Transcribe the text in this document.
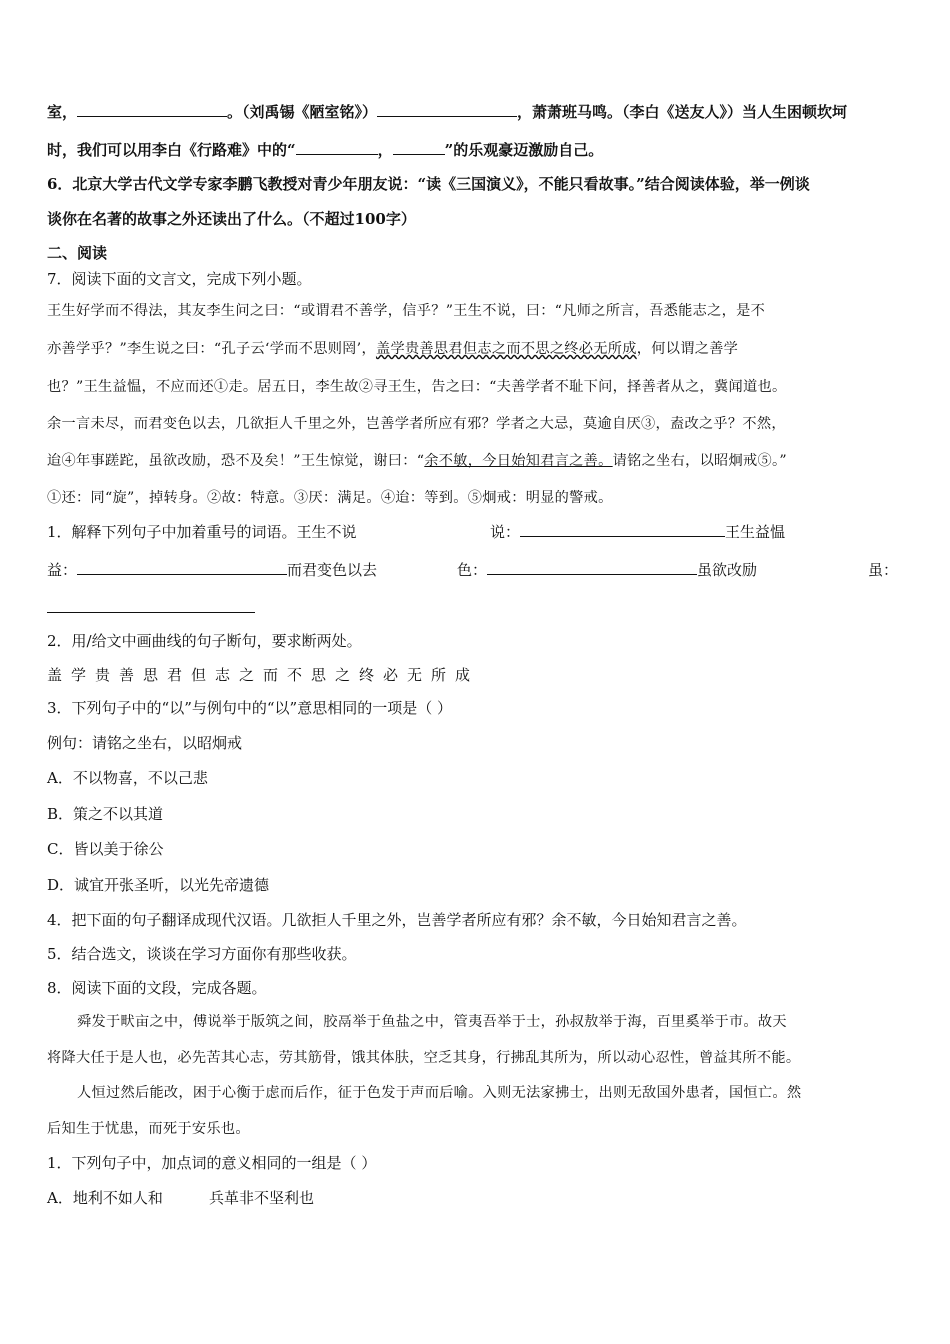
室，	。（刘禹锡《陋室铭》）	，萧萧班马鸣。（李白《送友人》）当人生困顿坎坷
时，我们可以用李白《行路难》中的“	，	”的乐观豪迈激励自己。
6．北京大学古代文学专家李鹏飞教授对青少年朋友说：“读《三国演义》，不能只看故事。”结合阅读体验，举一例谈
谈你在名著的故事之外还读出了什么。（不超过100字）
二、阅读
7．阅读下面的文言文，完成下列小题。
王生好学而不得法，其友李生问之曰：“或谓君不善学，信乎？”王生不说，曰：“凡师之所言，吾悉能志之，是不
亦善学乎？”李生说之曰：“孔子云‘学而不思则罔’，盖学贵善思君但志之而不思之终必无所成，何以谓之善学
也？”王生益愠，不应而还①走。居五日，李生故②寻王生，告之曰：“夫善学者不耻下问，择善者从之，冀闻道也。
余一言未尽，而君变色以去，几欲拒人千里之外，岂善学者所应有邪？学者之大忌，莫逾自厌③，盍改之乎？不然，
迨④年事蹉跎，虽欲改励，恐不及矣！”王生惊觉，谢曰：“余不敏，今日始知君言之善。请铭之坐右，以昭炯戒⑤。”
①还：同“旋”，掉转身。②故：特意。③厌：满足。④迨：等到。⑤炯戒：明显的警戒。
1．解释下列句子中加着重号的词语。王生不说	说：	王生益愠
益：	而君变色以去	色：	虽欲改励	虽：
2．用/给文中画曲线的句子断句，要求断两处。
盖学贵善思君但志之而不思之终必无所成
3．下列句子中的“以”与例句中的“以”意思相同的一项是（ ）
例句：请铭之坐右，以昭炯戒
A．不以物喜，不以己悲
B．策之不以其道
C．皆以美于徐公
D．诚宜开张圣听，以光先帝遗德
4．把下面的句子翻译成现代汉语。几欲拒人千里之外，岂善学者所应有邪？余不敏，今日始知君言之善。
5．结合选文，谈谈在学习方面你有那些收获。
8．阅读下面的文段，完成各题。
舜发于畎亩之中，傅说举于版筑之间，胶鬲举于鱼盐之中，管夷吾举于士，孙叔敖举于海，百里奚举于市。故天
将降大任于是人也，必先苦其心志，劳其筋骨，饿其体肤，空乏其身，行拂乱其所为，所以动心忍性，曾益其所不能。
人恒过然后能改，困于心衡于虑而后作，征于色发于声而后喻。入则无法家拂士，出则无敌国外患者，国恒亡。然
后知生于忧患，而死于安乐也。
1．下列句子中，加点词的意义相同的一组是（ ）
A．地利不如人和	兵革非不坚利也
